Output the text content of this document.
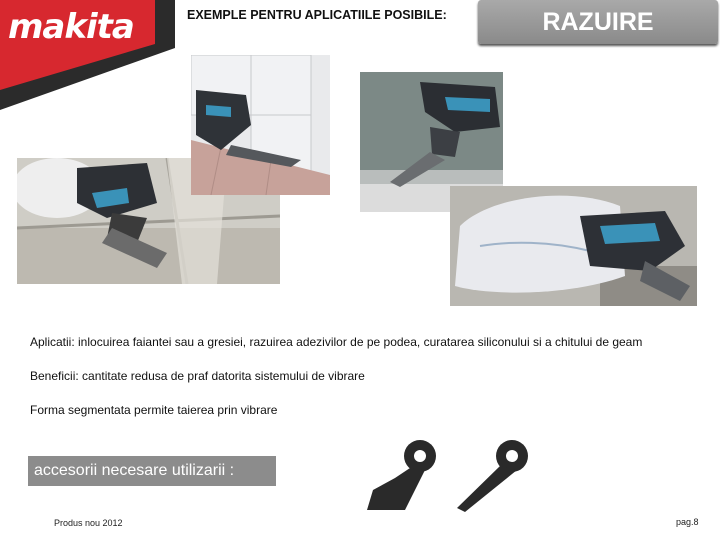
makita	EXEMPLE PENTRU APLICATIILE POSIBILE:	RAZUIRE
Aplicatii: inlocuirea faiantei sau a gresiei, razuirea adezivilor de pe podea, curatarea siliconului si a chitului de geam
Beneficii: cantitate redusa de praf datorita sistemului de vibrare
Forma segmentata permite taierea prin vibrare
accesorii necesare utilizarii :
Produs nou 2012	pag.8
